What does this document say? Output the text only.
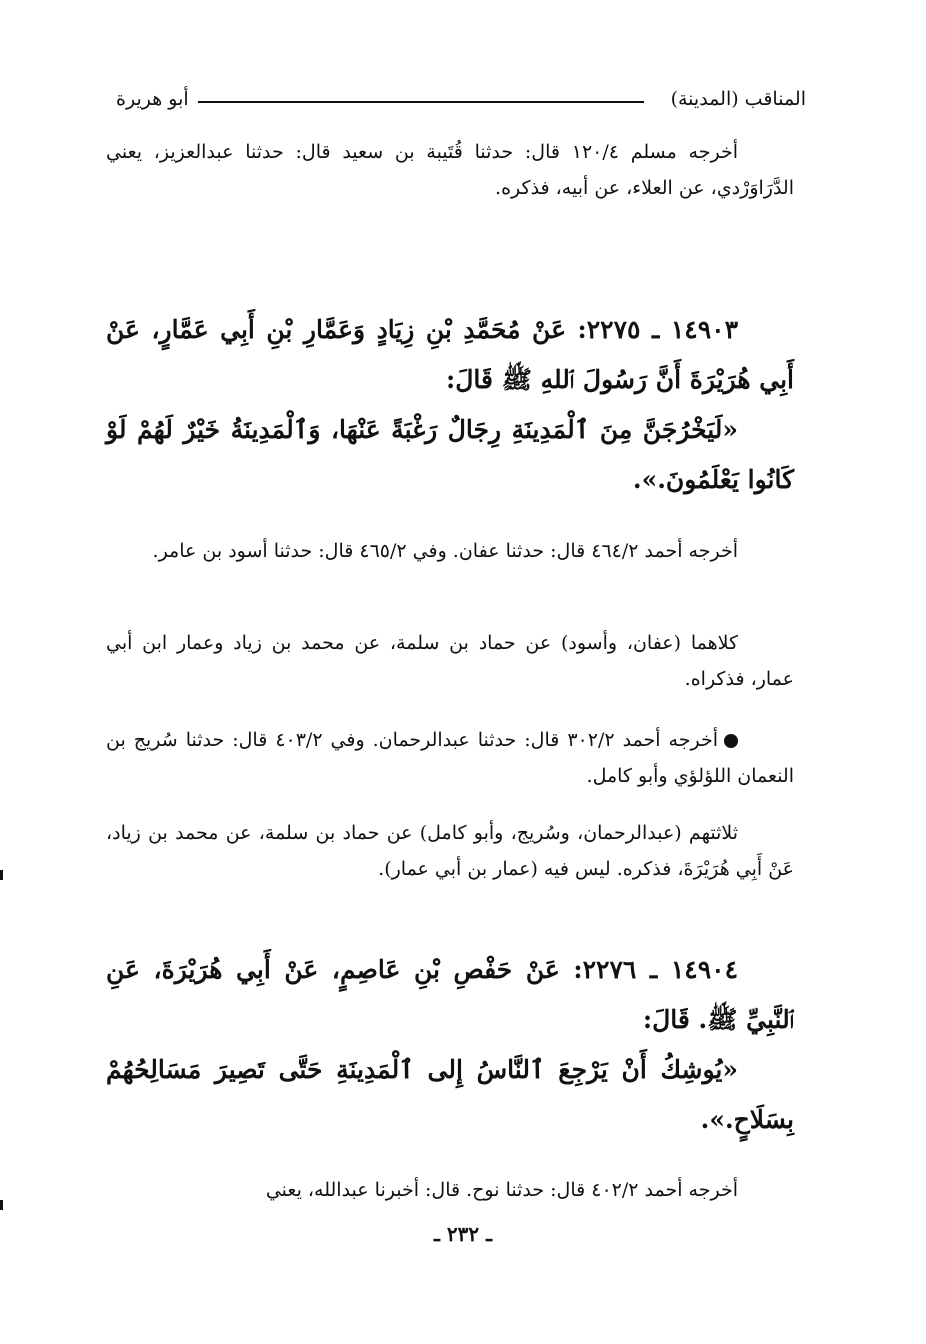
المناقب (المدينة)
أبو هريرة

أخرجه مسلم ١٢٠/٤ قال: حدثنا قُتَيبة بن سعيد قال: حدثنا عبدالعزيز، يعني الدَّرَاوَرْدي، عن العلاء، عن أبيه، فذكره.

١٤٩٠٣ ـ ٢٢٧٥: عَنْ مُحَمَّدِ بْنِ زِيَادٍ وَعَمَّارِ بْنِ أَبِي عَمَّارٍ، عَنْ أَبِي هُرَيْرَةَ أَنَّ رَسُولَ ٱللهِ ﷺ قَالَ:

«لَيَخْرُجَنَّ مِنَ ٱلْمَدِينَةِ رِجَالٌ رَغْبَةً عَنْهَا، وَٱلْمَدِينَةُ خَيْرٌ لَهُمْ لَوْ كَانُوا يَعْلَمُونَ.».

أخرجه أحمد ٤٦٤/٢ قال: حدثنا عفان. وفي ٤٦٥/٢ قال: حدثنا أسود بن عامر.

كلاهما (عفان، وأسود) عن حماد بن سلمة، عن محمد بن زياد وعمار ابن أبي عمار، فذكراه.

أخرجه أحمد ٣٠٢/٢ قال: حدثنا عبدالرحمان. وفي ٤٠٣/٢ قال: حدثنا سُريج بن النعمان اللؤلؤي وأبو كامل.

ثلاثتهم (عبدالرحمان، وسُريج، وأبو كامل) عن حماد بن سلمة، عن محمد بن زياد، عَنْ أَبِي هُرَيْرَةَ، فذكره. ليس فيه (عمار بن أبي عمار).

١٤٩٠٤ ـ ٢٢٧٦: عَنْ حَفْصِ بْنِ عَاصِمٍ، عَنْ أَبِي هُرَيْرَةَ، عَنِ ٱلنَّبِيِّ ﷺ. قَالَ:

«يُوشِكُ أَنْ يَرْجِعَ ٱلنَّاسُ إِلى ٱلْمَدِينَةِ حَتَّى تَصِيرَ مَسَالِحُهُمْ بِسَلَاحٍ.».

أخرجه أحمد ٤٠٢/٢ قال: حدثنا نوح. قال: أخبرنا عبدالله، يعني

ـ ٢٣٢ ـ
